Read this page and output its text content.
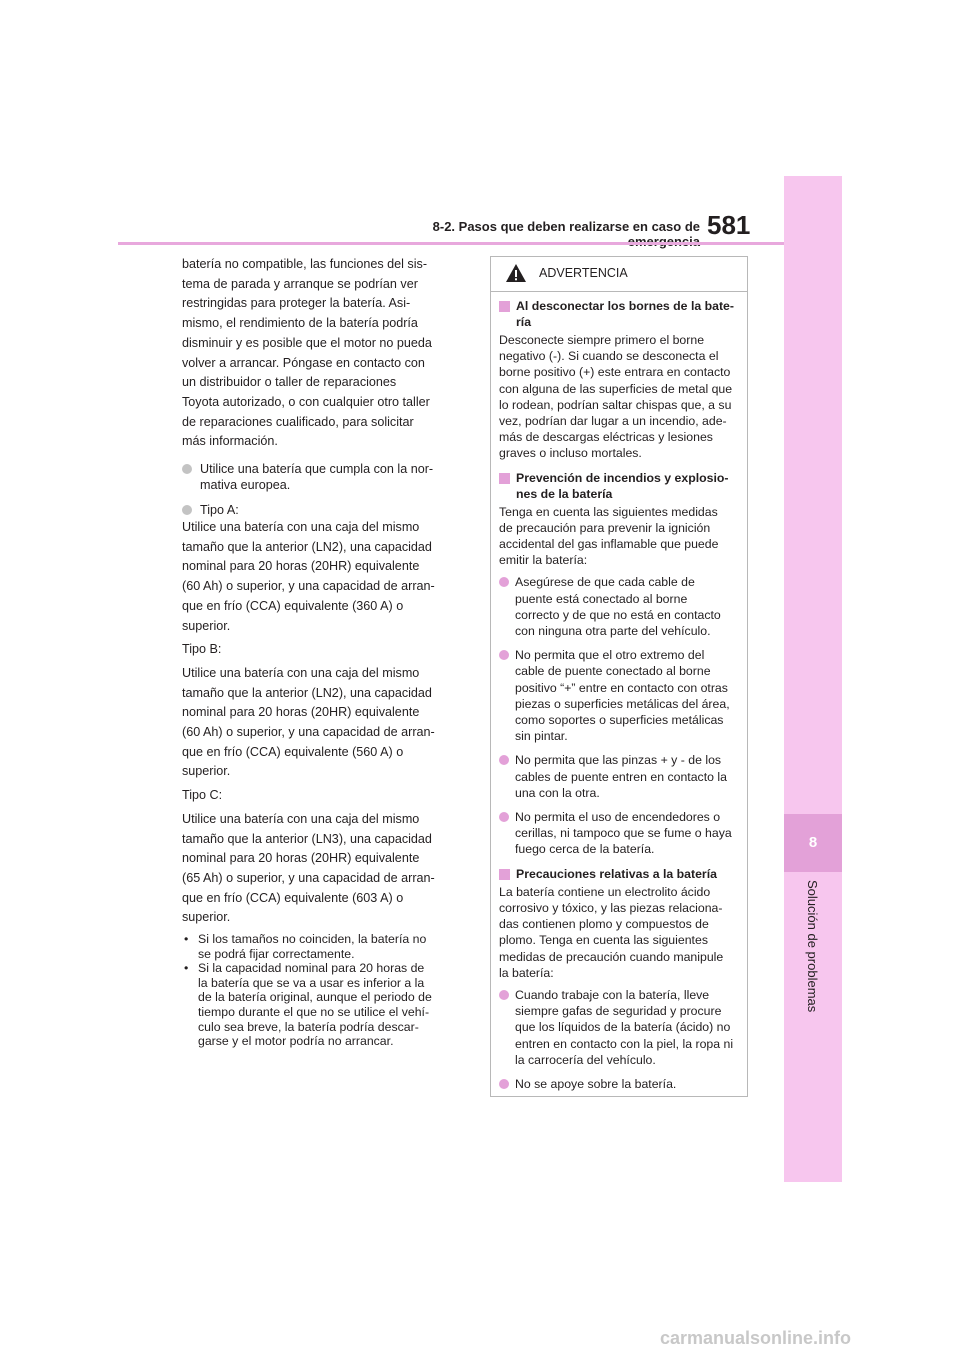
8
Solución de problemas
8-2. Pasos que deben realizarse en caso de 581
batería no compatible, las funciones del sis-
tema de parada y arranque se podrían ver
restringidas para proteger la batería. Asi-
mismo, el rendimiento de la batería podría
disminuir y es posible que el motor no pueda
volver a arrancar. Póngase en contacto con
un distribuidor o taller de reparaciones
Toyota autorizado, o con cualquier otro taller
de reparaciones cualificado, para solicitar
más información.
Utilice una batería que cumpla con la nor-
mativa europea.
Tipo A:
Utilice una batería con una caja del mismo
tamaño que la anterior (LN2), una capacidad
nominal para 20 horas (20HR) equivalente
(60 Ah) o superior, y una capacidad de arran-
que en frío (CCA) equivalente (360 A) o
superior.
Tipo B:
Utilice una batería con una caja del mismo
tamaño que la anterior (LN2), una capacidad
nominal para 20 horas (20HR) equivalente
(60 Ah) o superior, y una capacidad de arran-
que en frío (CCA) equivalente (560 A) o
superior.
Tipo C:
Utilice una batería con una caja del mismo
tamaño que la anterior (LN3), una capacidad
nominal para 20 horas (20HR) equivalente
(65 Ah) o superior, y una capacidad de arran-
que en frío (CCA) equivalente (603 A) o
superior.
• Si los tamaños no coinciden, la batería no
se podrá fijar correctamente.
• Si la capacidad nominal para 20 horas de
la batería que se va a usar es inferior a la
de la batería original, aunque el periodo de
tiempo durante el que no se utilice el vehí-
culo sea breve, la batería podría descar-
garse y el motor podría no arrancar.
ADVERTENCIA
Al desconectar los bornes de la bate-
ría
Desconecte siempre primero el borne
negativo (-). Si cuando se desconecta el
borne positivo (+) este entrara en contacto
con alguna de las superficies de metal que
lo rodean, podrían saltar chispas que, a su
vez, podrían dar lugar a un incendio, ade-
más de descargas eléctricas y lesiones
graves o incluso mortales.
Prevención de incendios y explosio-
nes de la batería
Tenga en cuenta las siguientes medidas
de precaución para prevenir la ignición
accidental del gas inflamable que puede
emitir la batería:
Asegúrese de que cada cable de
puente está conectado al borne
correcto y de que no está en contacto
con ninguna otra parte del vehículo.
No permita que el otro extremo del
cable de puente conectado al borne
positivo “+” entre en contacto con otras
piezas o superficies metálicas del área,
como soportes o superficies metálicas
sin pintar.
No permita que las pinzas + y - de los
cables de puente entren en contacto la
una con la otra.
No permita el uso de encendedores o
cerillas, ni tampoco que se fume o haya
fuego cerca de la batería.
Precauciones relativas a la batería
La batería contiene un electrolito ácido
corrosivo y tóxico, y las piezas relaciona-
das contienen plomo y compuestos de
plomo. Tenga en cuenta las siguientes
medidas de precaución cuando manipule
la batería:
Cuando trabaje con la batería, lleve
siempre gafas de seguridad y procure
que los líquidos de la batería (ácido) no
entren en contacto con la piel, la ropa ni
la carrocería del vehículo.
No se apoye sobre la batería.
carmanualsonline.info
